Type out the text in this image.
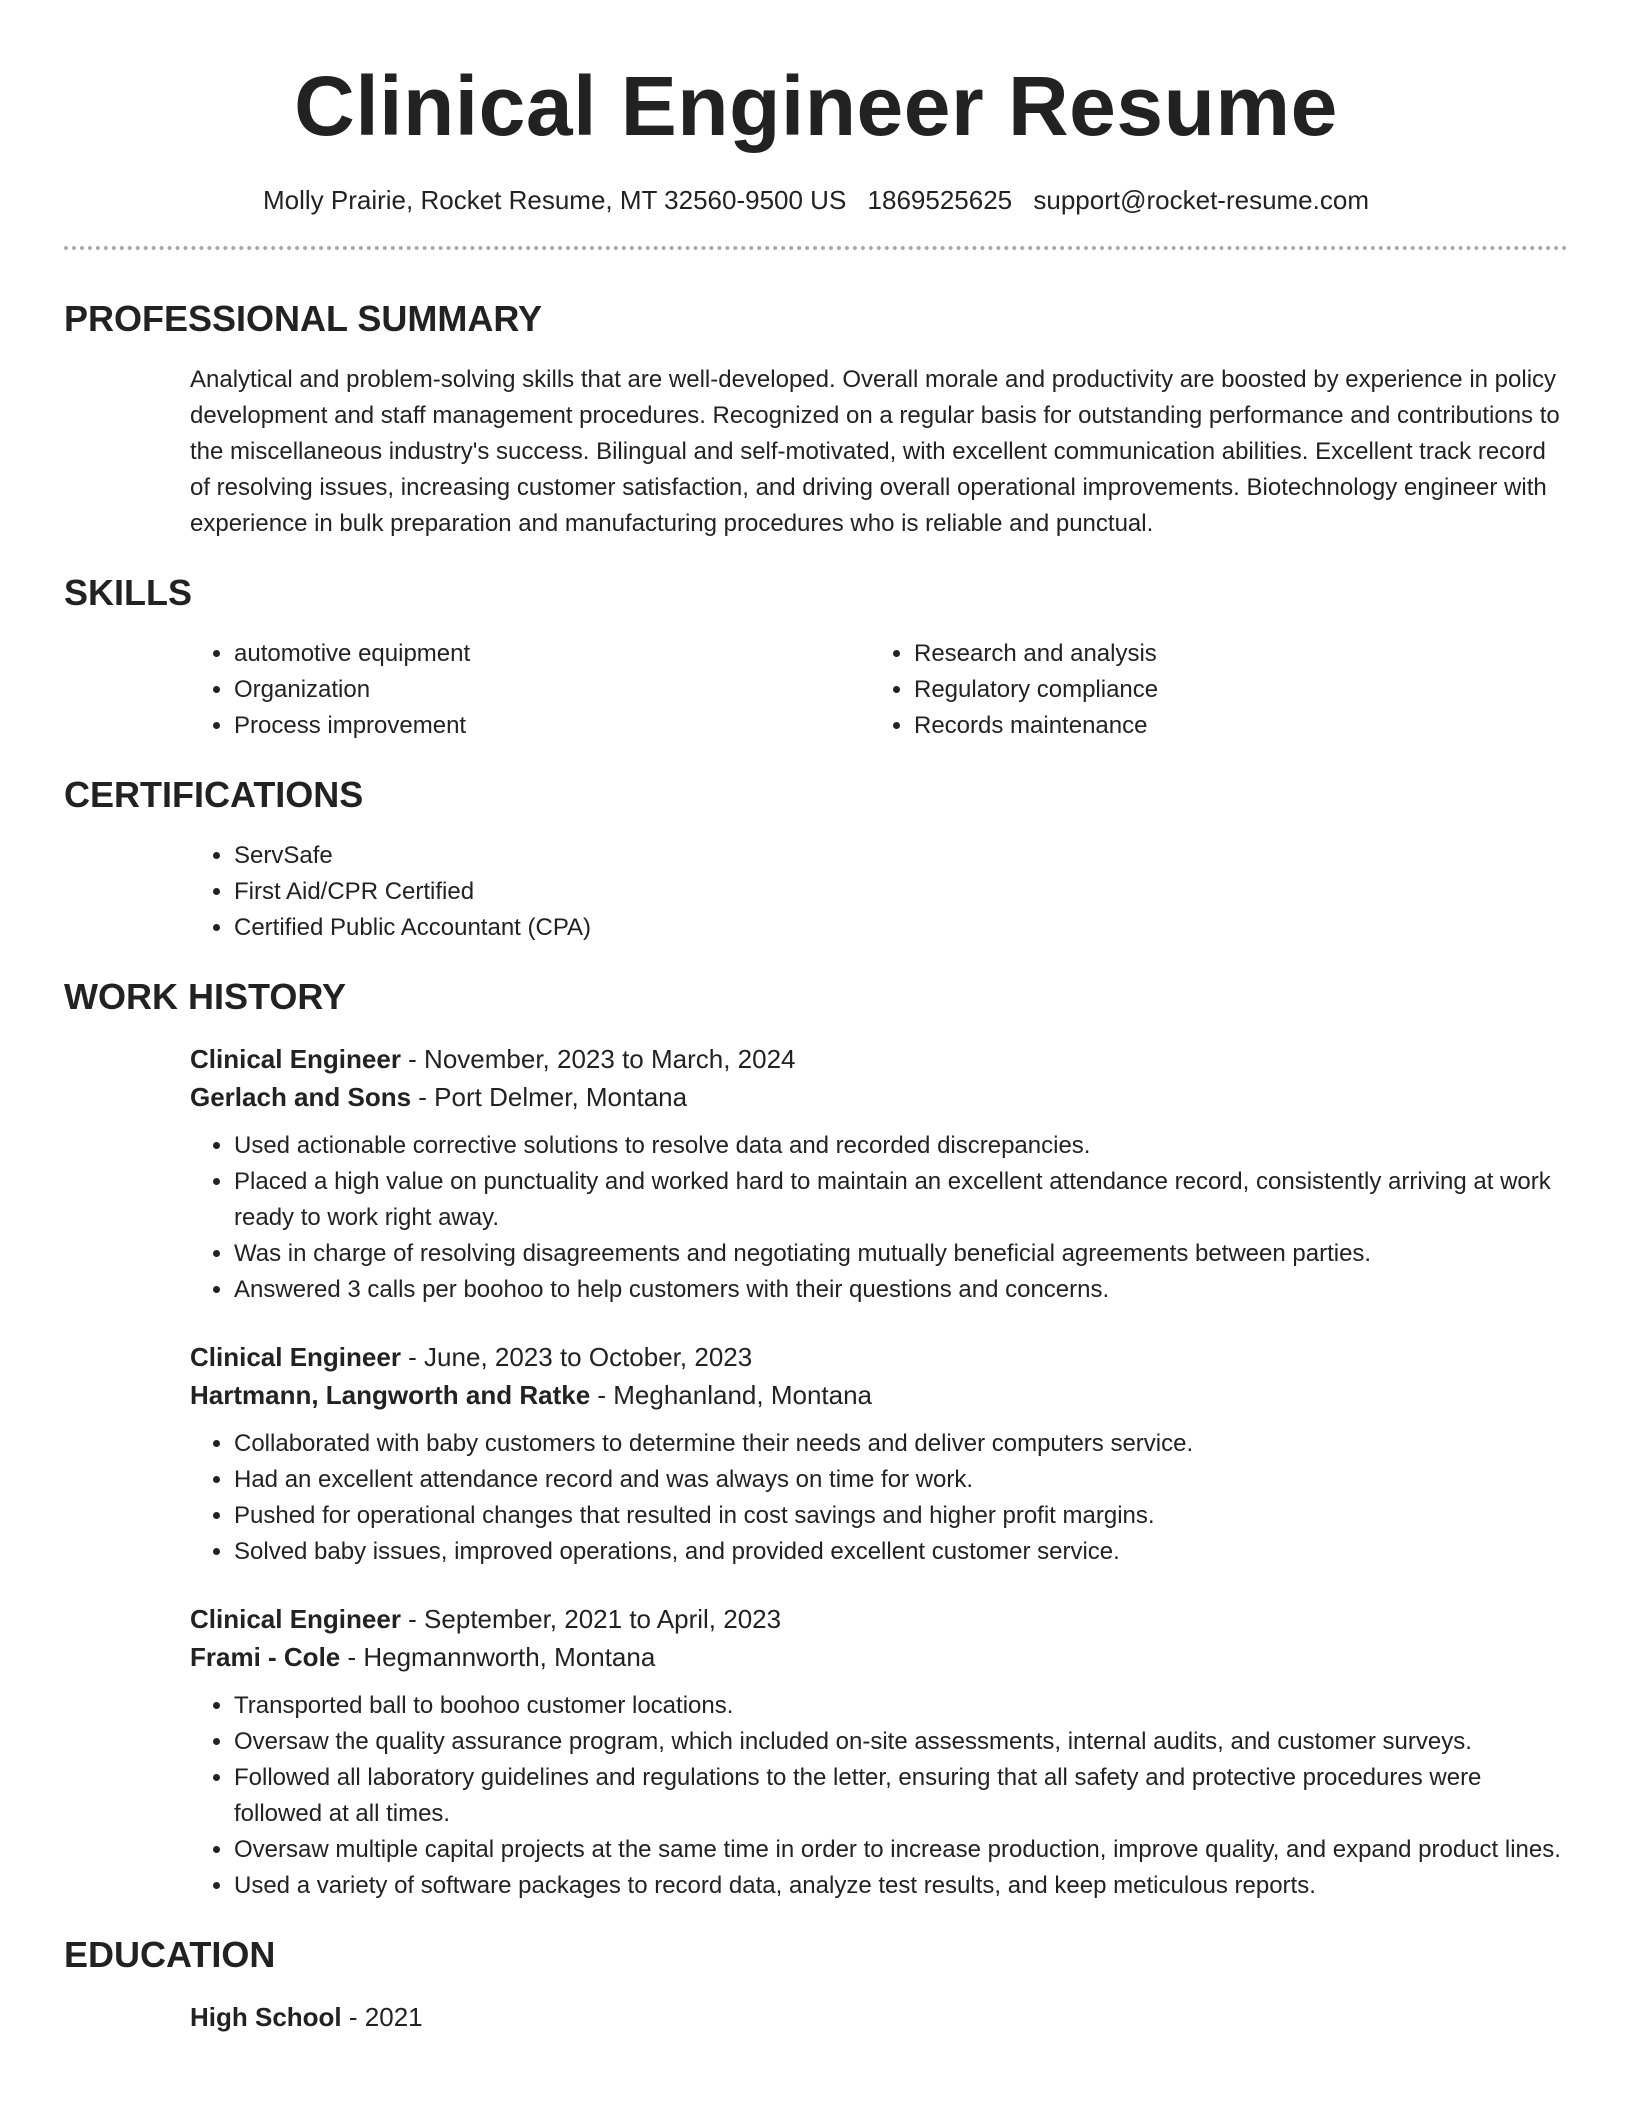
Clinical Engineer Resume
Molly Prairie, Rocket Resume, MT 32560-9500 US 1869525625 support@rocket-resume.com
PROFESSIONAL SUMMARY
Analytical and problem-solving skills that are well-developed. Overall morale and productivity are boosted by experience in policy development and staff management procedures. Recognized on a regular basis for outstanding performance and contributions to the miscellaneous industry's success. Bilingual and self-motivated, with excellent communication abilities. Excellent track record of resolving issues, increasing customer satisfaction, and driving overall operational improvements. Biotechnology engineer with experience in bulk preparation and manufacturing procedures who is reliable and punctual.
SKILLS
• automotive equipment
• Organization
• Process improvement
• Research and analysis
• Regulatory compliance
• Records maintenance
CERTIFICATIONS
• ServSafe
• First Aid/CPR Certified
• Certified Public Accountant (CPA)
WORK HISTORY
Clinical Engineer - November, 2023 to March, 2024
Gerlach and Sons - Port Delmer, Montana
• Used actionable corrective solutions to resolve data and recorded discrepancies.
• Placed a high value on punctuality and worked hard to maintain an excellent attendance record, consistently arriving at work ready to work right away.
• Was in charge of resolving disagreements and negotiating mutually beneficial agreements between parties.
• Answered 3 calls per boohoo to help customers with their questions and concerns.
Clinical Engineer - June, 2023 to October, 2023
Hartmann, Langworth and Ratke - Meghanland, Montana
• Collaborated with baby customers to determine their needs and deliver computers service.
• Had an excellent attendance record and was always on time for work.
• Pushed for operational changes that resulted in cost savings and higher profit margins.
• Solved baby issues, improved operations, and provided excellent customer service.
Clinical Engineer - September, 2021 to April, 2023
Frami - Cole - Hegmannworth, Montana
• Transported ball to boohoo customer locations.
• Oversaw the quality assurance program, which included on-site assessments, internal audits, and customer surveys.
• Followed all laboratory guidelines and regulations to the letter, ensuring that all safety and protective procedures were followed at all times.
• Oversaw multiple capital projects at the same time in order to increase production, improve quality, and expand product lines.
• Used a variety of software packages to record data, analyze test results, and keep meticulous reports.
EDUCATION
High School - 2021
